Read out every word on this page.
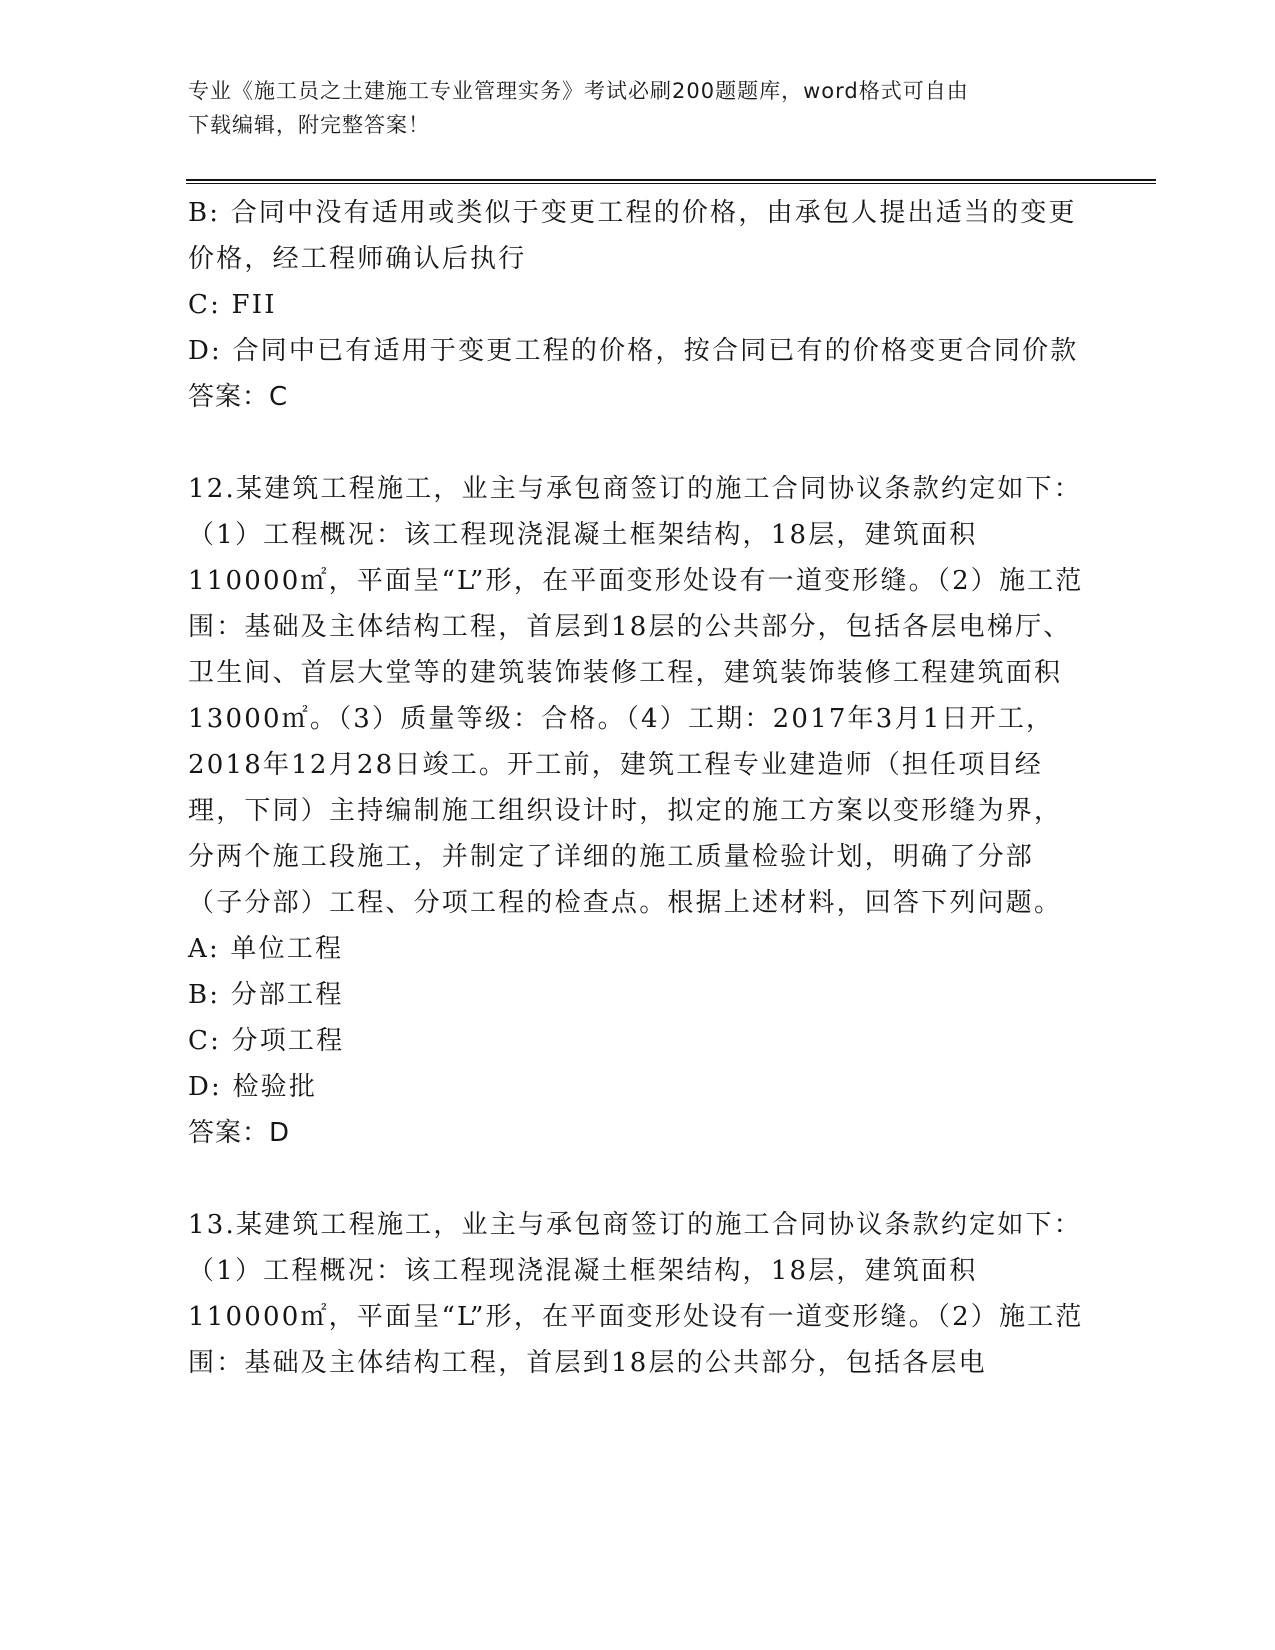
专业《施工员之土建施工专业管理实务》考试必刷200题题库，word格式可自由
下载编辑，附完整答案！

B: 合同中没有适用或类似于变更工程的价格，由承包人提出适当的变更价格，经工程师确认后执行

C: FII

D: 合同中已有适用于变更工程的价格，按合同已有的价格变更合同价款

答案：C

12.某建筑工程施工，业主与承包商签订的施工合同协议条款约定如下：（1）工程概况：该工程现浇混凝土框架结构，18层，建筑面积110000㎡，平面呈“L”形，在平面变形处设有一道变形缝。（2）施工范围：基础及主体结构工程，首层到18层的公共部分，包括各层电梯厅、卫生间、首层大堂等的建筑装饰装修工程，建筑装饰装修工程建筑面积13000㎡。（3）质量等级：合格。（4）工期：2017年3月1日开工，2018年12月28日竣工。开工前，建筑工程专业建造师（担任项目经理，下同）主持编制施工组织设计时，拟定的施工方案以变形缝为界，分两个施工段施工，并制定了详细的施工质量检验计划，明确了分部（子分部）工程、分项工程的检查点。根据上述材料，回答下列问题。

A: 单位工程

B: 分部工程

C: 分项工程

D: 检验批

答案：D

13.某建筑工程施工，业主与承包商签订的施工合同协议条款约定如下：（1）工程概况：该工程现浇混凝土框架结构，18层，建筑面积110000㎡，平面呈“L”形，在平面变形处设有一道变形缝。（2）施工范围：基础及主体结构工程，首层到18层的公共部分，包括各层电
